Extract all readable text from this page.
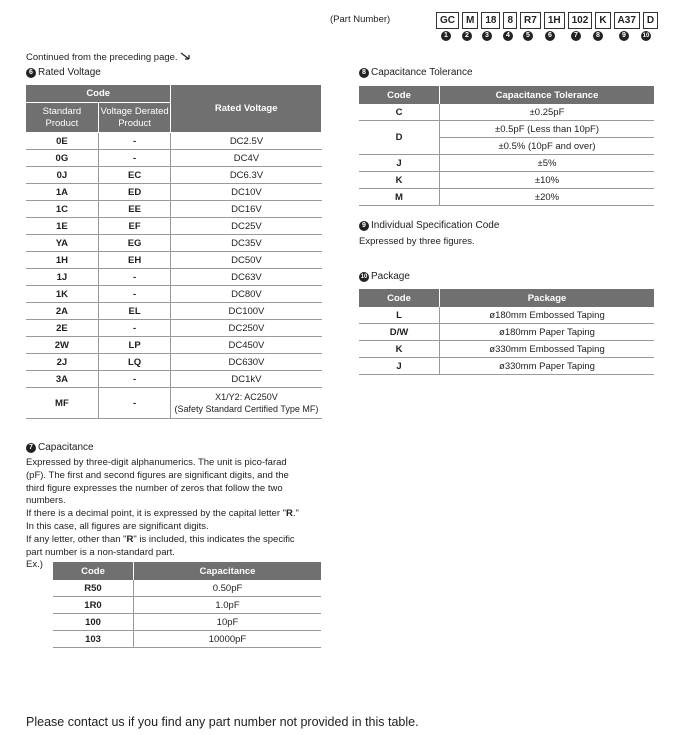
(Part Number)	GC	M	18	8	R7	1H	102	K	A37	D
1	2	3	4	5	6	7	8	9	10
Continued from the preceding page.
6 Rated Voltage
Code		Rated Voltage
Standard Product	Voltage Derated Product	
0E	-	DC2.5V
0G	-	DC4V
0J	EC	DC6.3V
1A	ED	DC10V
1C	EE	DC16V
1E	EF	DC25V
YA	EG	DC35V
1H	EH	DC50V
1J	-	DC63V
1K	-	DC80V
2A	EL	DC100V
2E	-	DC250V
2W	LP	DC450V
2J	LQ	DC630V
3A	-	DC1kV
MF	-	X1/Y2: AC250V
(Safety Standard Certified Type MF)
7 Capacitance
Expressed by three-digit alphanumerics. The unit is pico-farad
(pF). The first and second figures are significant digits, and the
third figure expresses the number of zeros that follow the two
numbers.
If there is a decimal point, it is expressed by the capital letter "R."
In this case, all figures are significant digits.
If any letter, other than "R" is included, this indicates the specific
part number is a non-standard part.
Ex.)
Code	Capacitance
R50	0.50pF
1R0	1.0pF
100	10pF
103	10000pF
8 Capacitance Tolerance
Code	Capacitance Tolerance
C	±0.25pF
D	±0.5pF (Less than 10pF)
	±0.5% (10pF and over)
J	±5%
K	±10%
M	±20%
9 Individual Specification Code
Expressed by three figures.
10 Package
Code	Package
L	ø180mm Embossed Taping
D/W	ø180mm Paper Taping
K	ø330mm Embossed Taping
J	ø330mm Paper Taping
Please contact us if you find any part number not provided in this table.
